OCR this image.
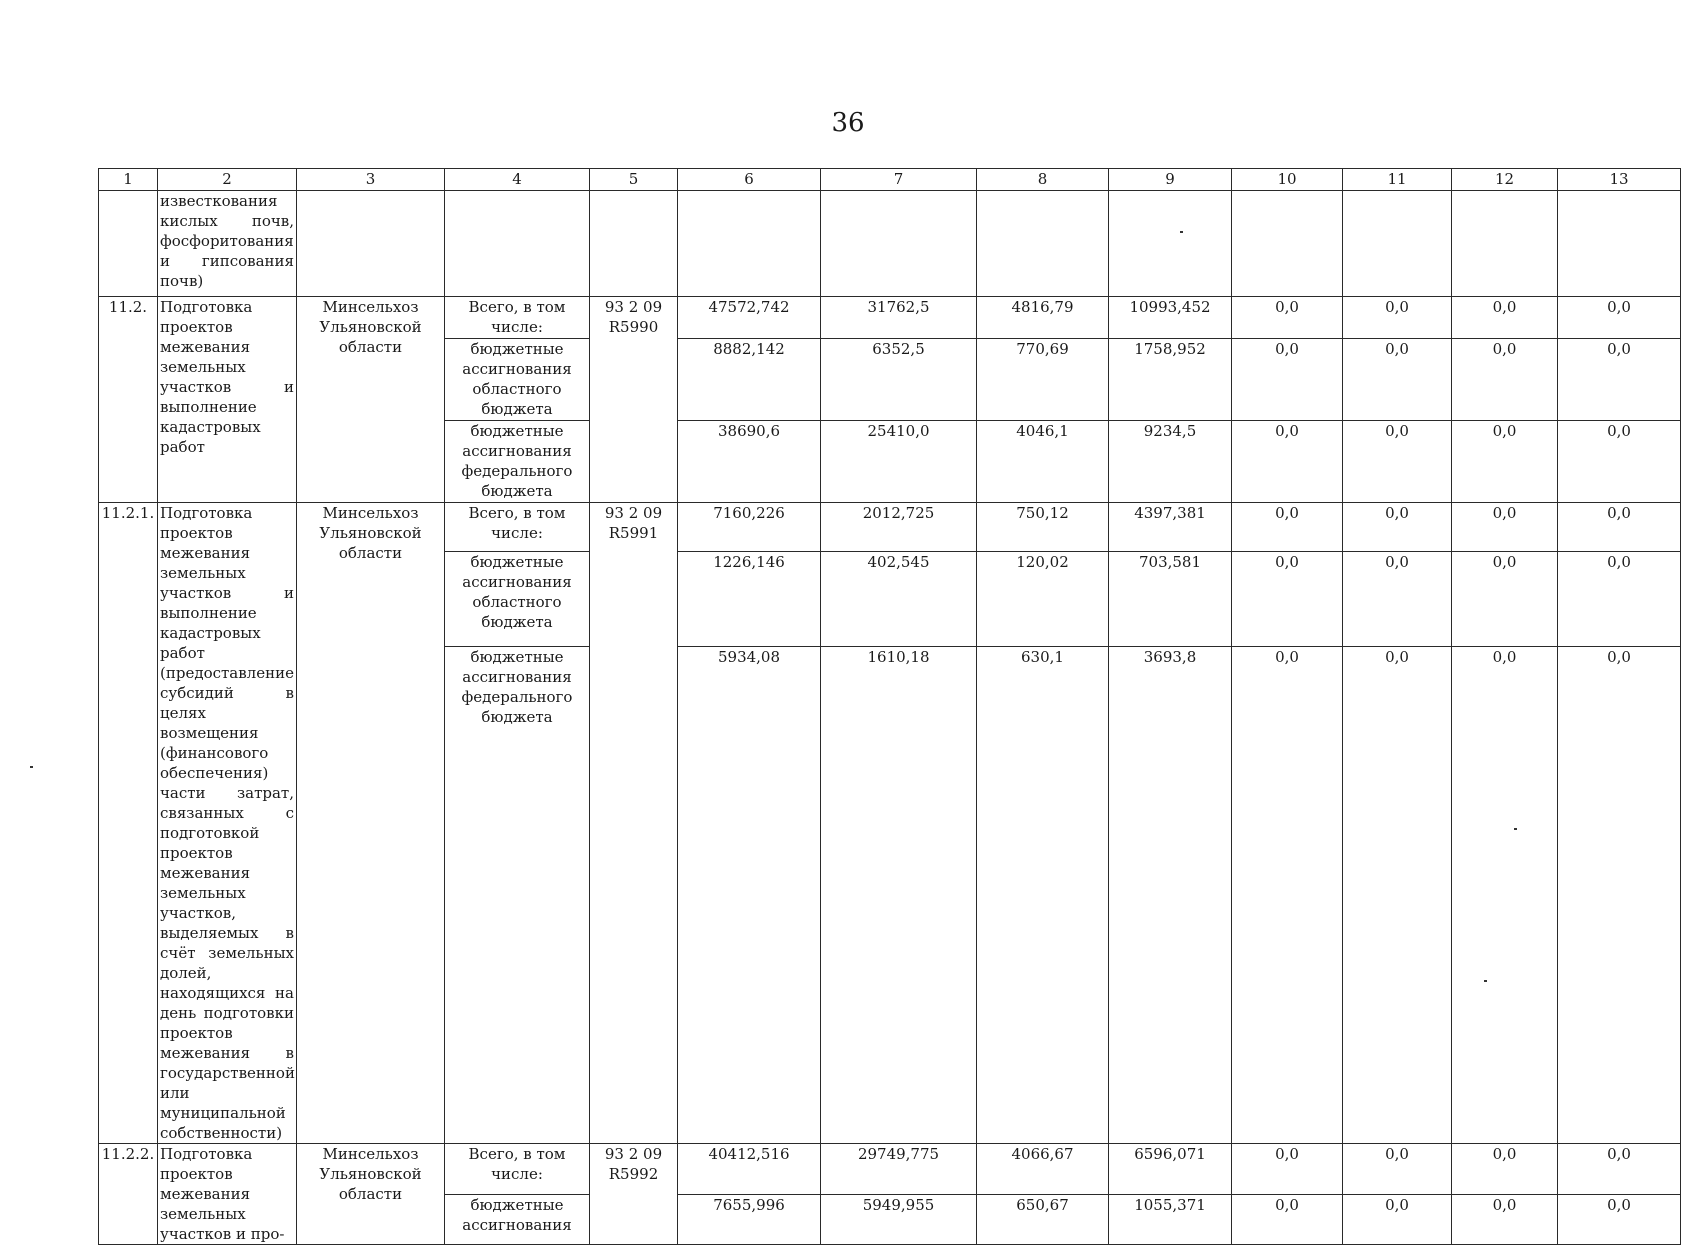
36
1	2	3	4	5	6	7	8	9	10	11	12	13
	известкования кислых почв, фосфоритования и гипсования почв)											
11.2.	Подготовка проектов межевания земельных участков и выполнение кадастровых работ	Минсельхоз Ульяновской области	Всего, в том числе:	93 2 09 R5990	47572,742	31762,5	4816,79	10993,452	0,0	0,0	0,0	0,0
			бюджетные ассигнования областного бюджета		8882,142	6352,5	770,69	1758,952	0,0	0,0	0,0	0,0
			бюджетные ассигнования федерального бюджета		38690,6	25410,0	4046,1	9234,5	0,0	0,0	0,0	0,0
11.2.1.	Подготовка проектов межевания земельных участков и выполнение кадастровых работ (предоставление субсидий в целях возмещения (финансового обеспечения) части затрат, связанных с подготовкой проектов межевания земельных участков, выделяемых в счёт земельных долей, находящихся на день подготовки проектов межевания в государственной или муниципальной собственности)	Минсельхоз Ульяновской области	Всего, в том числе:	93 2 09 R5991	7160,226	2012,725	750,12	4397,381	0,0	0,0	0,0	0,0
			бюджетные ассигнования областного бюджета		1226,146	402,545	120,02	703,581	0,0	0,0	0,0	0,0
			бюджетные ассигнования федерального бюджета		5934,08	1610,18	630,1	3693,8	0,0	0,0	0,0	0,0
11.2.2.	Подготовка проектов межевания земельных участков и про-	Минсельхоз Ульяновской области	Всего, в том числе:	93 2 09 R5992	40412,516	29749,775	4066,67	6596,071	0,0	0,0	0,0	0,0
			бюджетные ассигнования		7655,996	5949,955	650,67	1055,371	0,0	0,0	0,0	0,0
